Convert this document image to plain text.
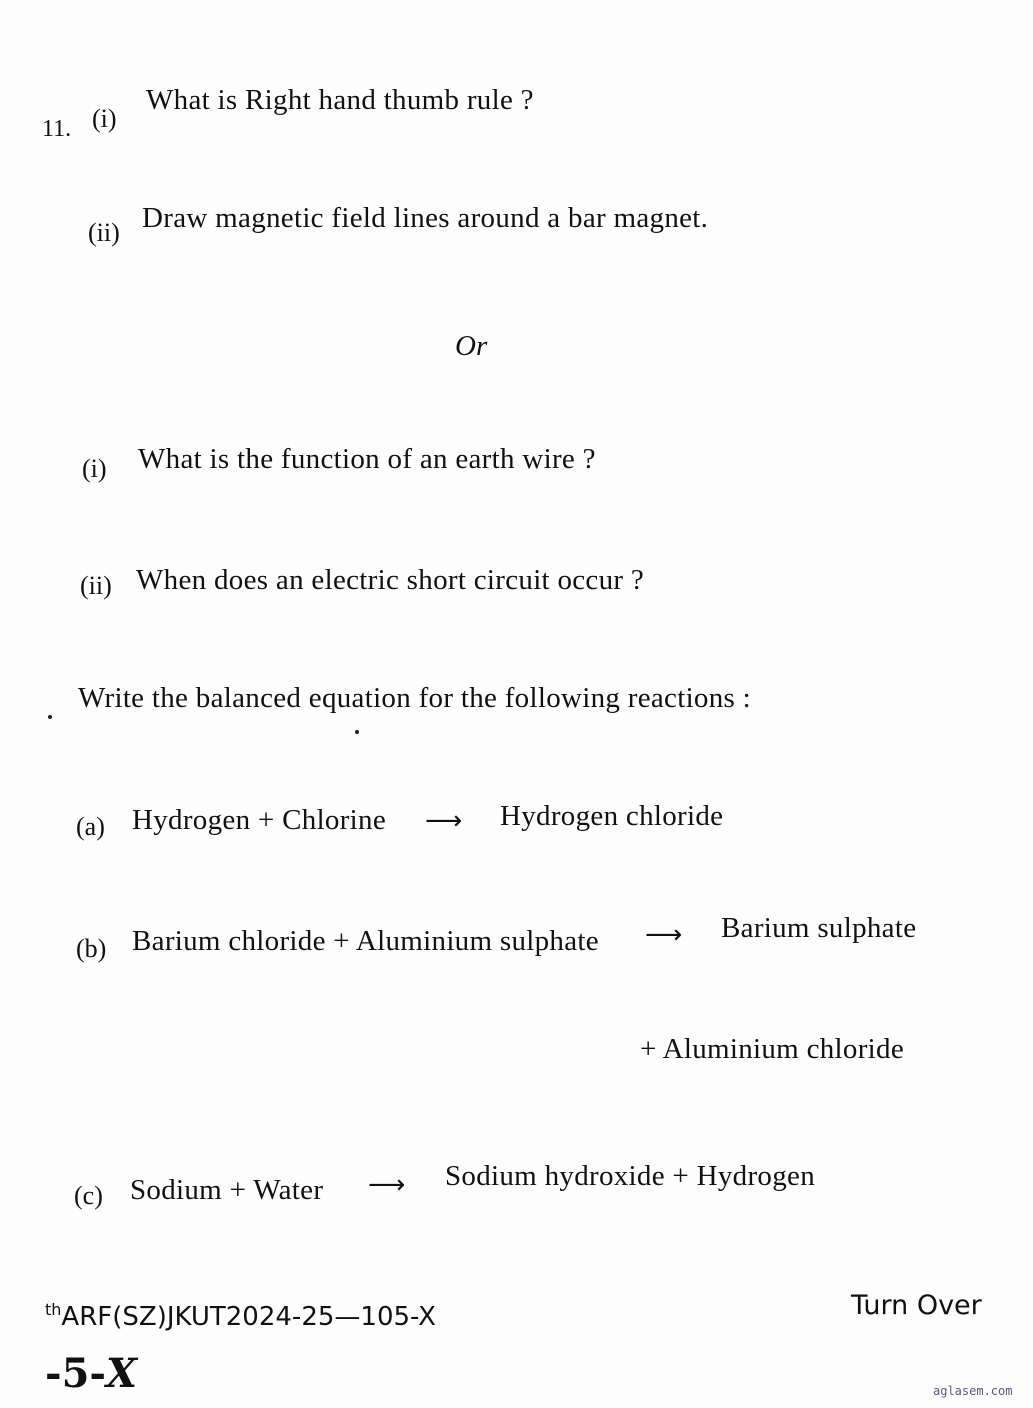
11. (i)
What is Right hand thumb rule ?
(ii) Draw magnetic field lines around a bar magnet.
Or
(i) What is the function of an earth wire ?
(ii) When does an electric short circuit occur ?
Write the balanced equation for the following reactions :
(a) Hydrogen + Chlorine ⟶ Hydrogen chloride
(b) Barium chloride + Aluminium sulphate ⟶ Barium sulphate
+ Aluminium chloride
(c) Sodium + Water ⟶ Sodium hydroxide + Hydrogen
$^{th}$ARF(SZ)JKUT2024-25—105-X	Turn Over
-5-X	aglasem.com
